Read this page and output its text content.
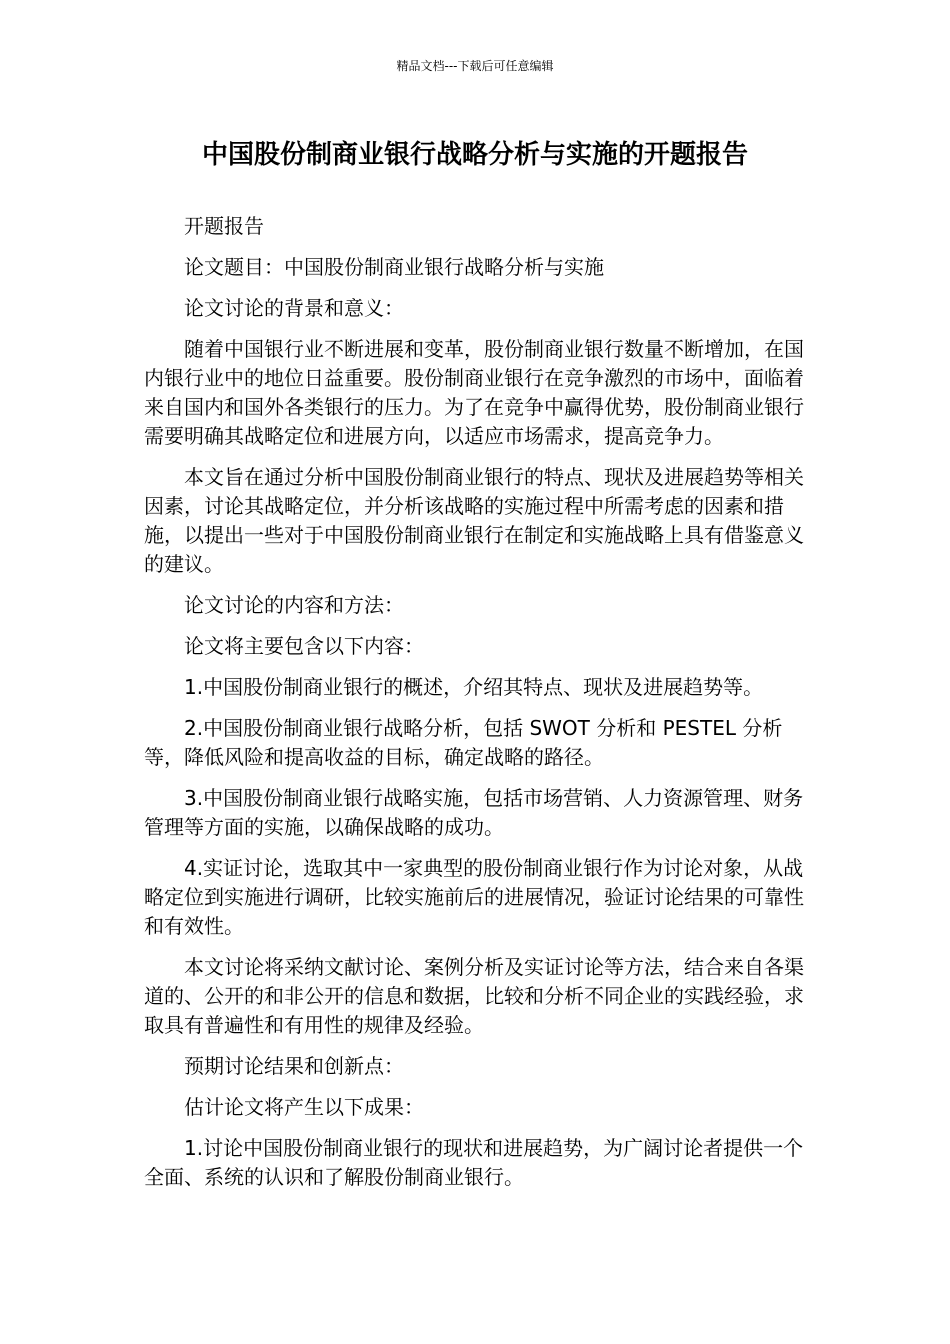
精品文档---下载后可任意编辑
中国股份制商业银行战略分析与实施的开题报告

开题报告

论文题目：中国股份制商业银行战略分析与实施

论文讨论的背景和意义：

随着中国银行业不断进展和变革，股份制商业银行数量不断增加，在国内银行业中的地位日益重要。股份制商业银行在竞争激烈的市场中，面临着来自国内和国外各类银行的压力。为了在竞争中赢得优势，股份制商业银行需要明确其战略定位和进展方向，以适应市场需求，提高竞争力。

本文旨在通过分析中国股份制商业银行的特点、现状及进展趋势等相关因素，讨论其战略定位，并分析该战略的实施过程中所需考虑的因素和措施，以提出一些对于中国股份制商业银行在制定和实施战略上具有借鉴意义的建议。

论文讨论的内容和方法：

论文将主要包含以下内容：

1.中国股份制商业银行的概述，介绍其特点、现状及进展趋势等。

2.中国股份制商业银行战略分析，包括 SWOT 分析和 PESTEL 分析等，降低风险和提高收益的目标，确定战略的路径。

3.中国股份制商业银行战略实施，包括市场营销、人力资源管理、财务管理等方面的实施，以确保战略的成功。

4.实证讨论，选取其中一家典型的股份制商业银行作为讨论对象，从战略定位到实施进行调研，比较实施前后的进展情况，验证讨论结果的可靠性和有效性。

本文讨论将采纳文献讨论、案例分析及实证讨论等方法，结合来自各渠道的、公开的和非公开的信息和数据，比较和分析不同企业的实践经验，求取具有普遍性和有用性的规律及经验。

预期讨论结果和创新点：

估计论文将产生以下成果：

1.讨论中国股份制商业银行的现状和进展趋势，为广阔讨论者提供一个全面、系统的认识和了解股份制商业银行。
